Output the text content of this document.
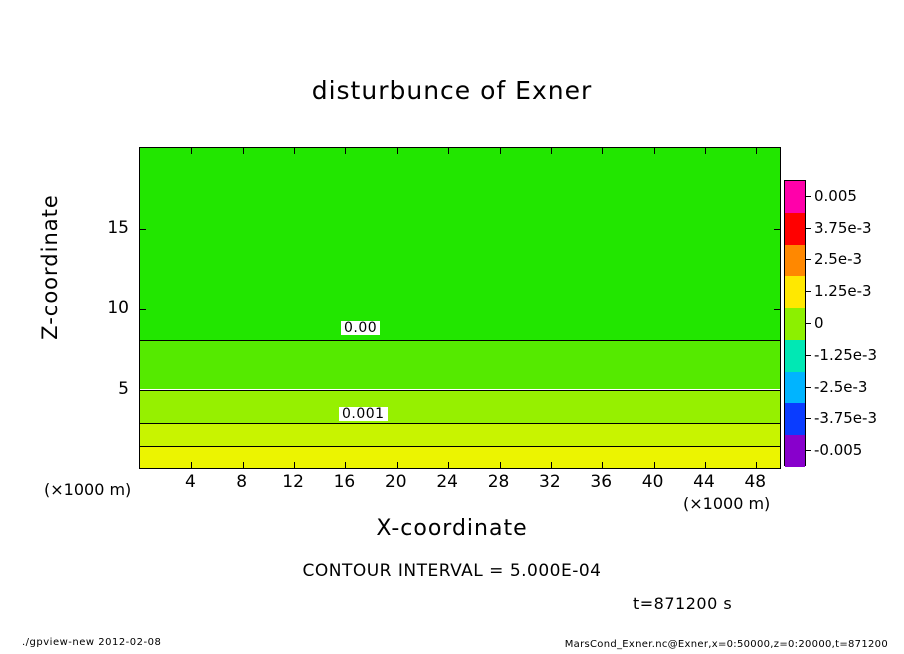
disturbunce of Exner
0.00
0.001
Z-coordinate
X-coordinate
(×1000 m)
(×1000 m)
CONTOUR INTERVAL = 5.000E-04
t=871200 s
./gpview-new 2012-02-08	MarsCond_Exner.nc@Exner,x=0:50000,z=0:20000,t=871200
4	8	12	16	20	24	28	32	36	40	44	48
5
10
15
0.005
3.75e-3
2.5e-3
1.25e-3
0
-1.25e-3
-2.5e-3
-3.75e-3
-0.005
